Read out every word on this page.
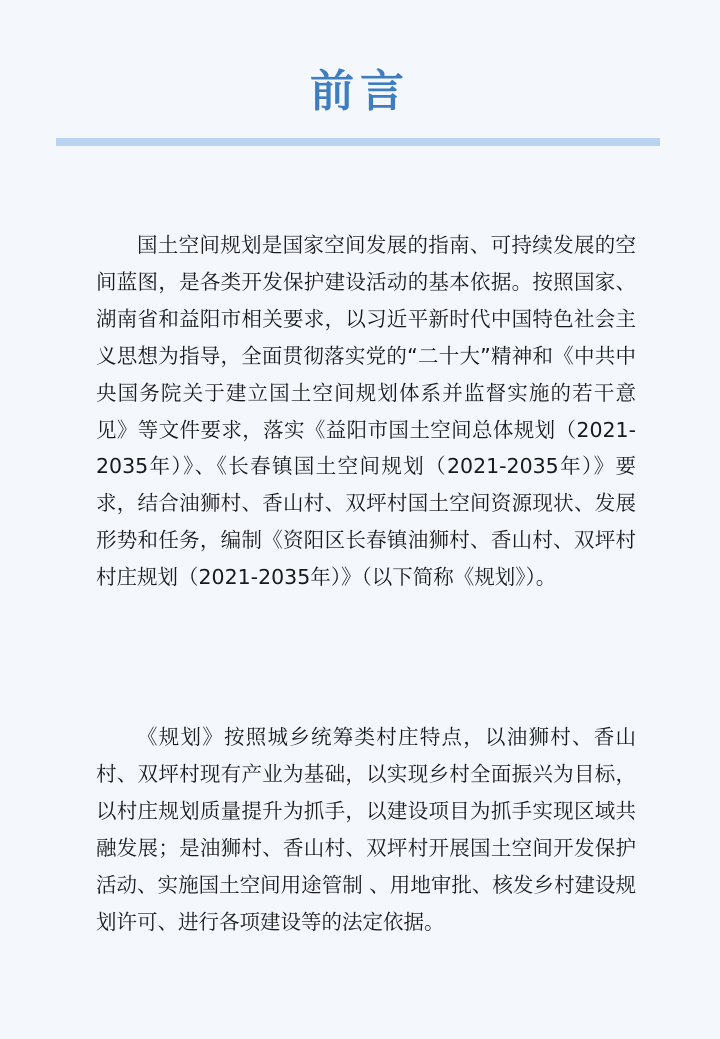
前言

国土空间规划是国家空间发展的指南、可持续发展的空间蓝图，是各类开发保护建设活动的基本依据。按照国家、湖南省和益阳市相关要求，以习近平新时代中国特色社会主义思想为指导，全面贯彻落实党的“二十大”精神和《中共中央国务院关于建立国土空间规划体系并监督实施的若干意见》等文件要求，落实《益阳市国土空间总体规划（2021-2035年）》、《长春镇国土空间规划（2021-2035年）》要求，结合油狮村、香山村、双坪村国土空间资源现状、发展形势和任务，编制《资阳区长春镇油狮村、香山村、双坪村村庄规划（2021-2035年）》（以下简称《规划》）。

《规划》按照城乡统筹类村庄特点，以油狮村、香山村、双坪村现有产业为基础，以实现乡村全面振兴为目标，以村庄规划质量提升为抓手，以建设项目为抓手实现区域共融发展；是油狮村、香山村、双坪村开展国土空间开发保护活动、实施国土空间用途管制 、用地审批、核发乡村建设规划许可、进行各项建设等的法定依据。
